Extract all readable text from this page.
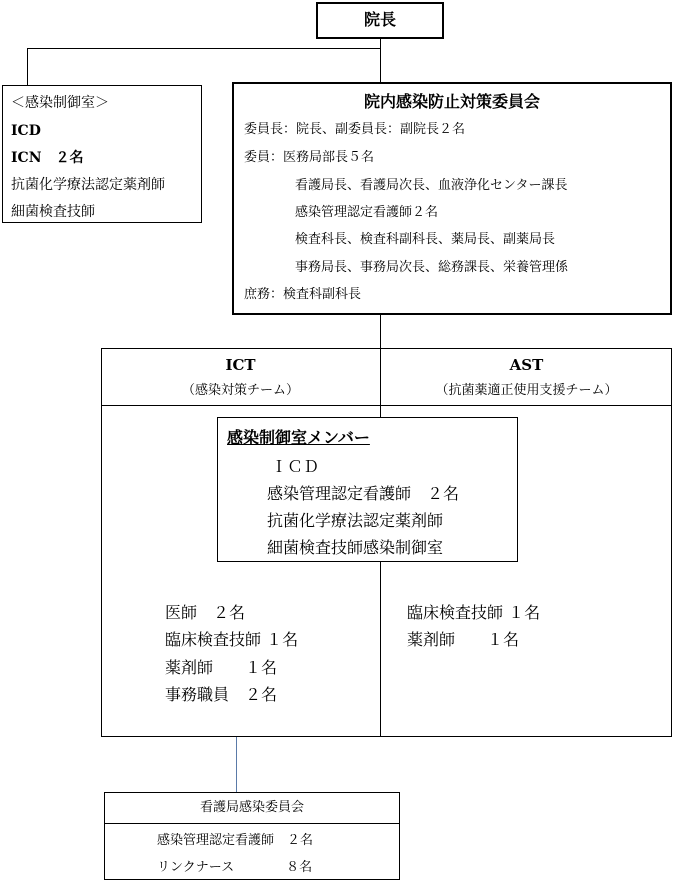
院長
＜感染制御室＞
ICD
ICN　２名
抗菌化学療法認定薬剤師
細菌検査技師
院内感染防止対策委員会
委員長：院長、副委員長：副院長２名
委員：医務局部長５名
看護局長、看護局次長、血液浄化センター課長
感染管理認定看護師２名
検査科長、検査科副科長、薬局長、副薬局長
事務局長、事務局次長、総務課長、栄養管理係
庶務：検査科副科長
ICT
（感染対策チーム）
AST
（抗菌薬適正使用支援チーム）
感染制御室メンバー
ＩＣＤ
感染管理認定看護師　２名
抗菌化学療法認定薬剤師
細菌検査技師感染制御室
医師　２名
臨床検査技師 １名
薬剤師　　１名
事務職員　２名
臨床検査技師 １名
薬剤師　　１名
看護局感染委員会
感染管理認定看護師　２名
リンクナース　　　　８名
